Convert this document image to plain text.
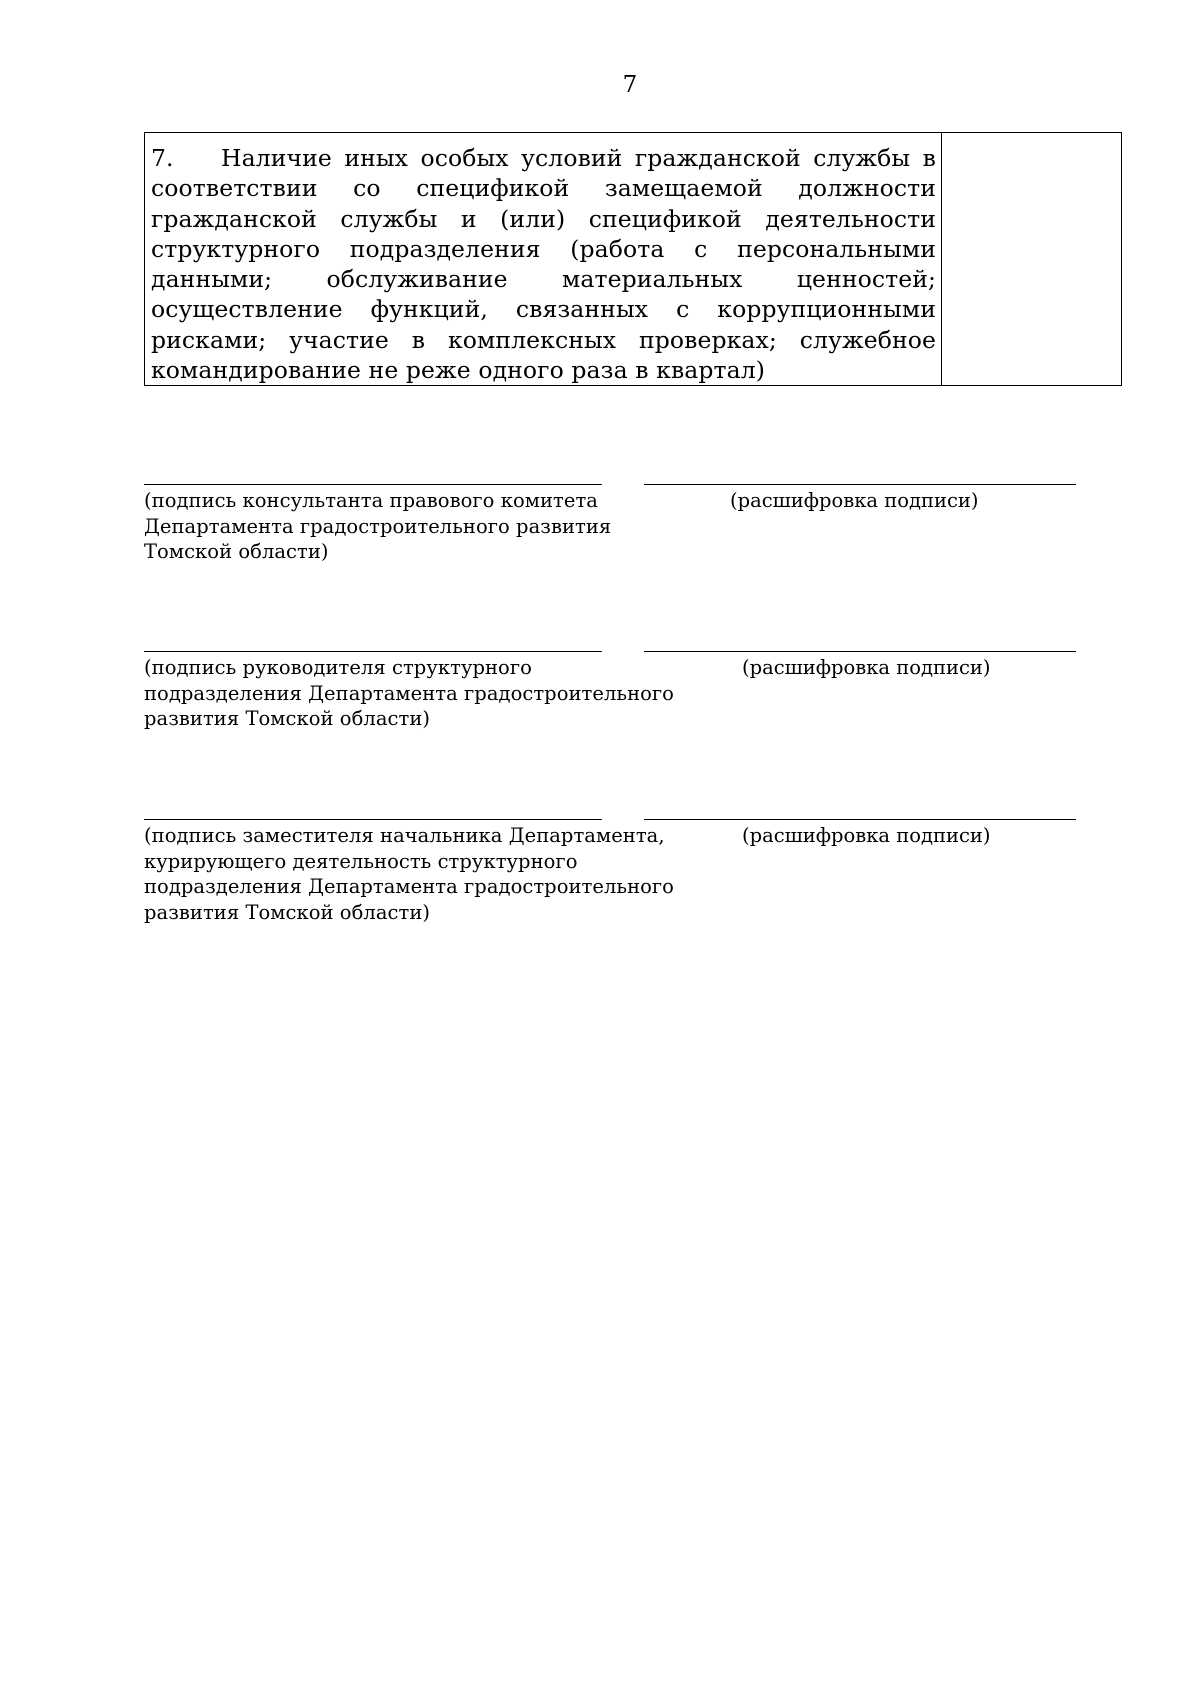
7
7. Наличие иных особых условий гражданской службы в соответствии со спецификой замещаемой должности гражданской службы и (или) спецификой деятельности структурного подразделения (работа с персональными данными; обслуживание материальных ценностей; осуществление функций, связанных с коррупционными рисками; участие в комплексных проверках; служебное командирование не реже одного раза в квартал)

(подпись консультанта правового комитета
Департамента градостроительного развития
Томской области)
(расшифровка подписи)
(подпись руководителя структурного
подразделения Департамента градостроительного
развития Томской области)
(расшифровка подписи)
(подпись заместителя начальника Департамента,
курирующего деятельность структурного
подразделения Департамента градостроительного
развития Томской области)
(расшифровка подписи)
